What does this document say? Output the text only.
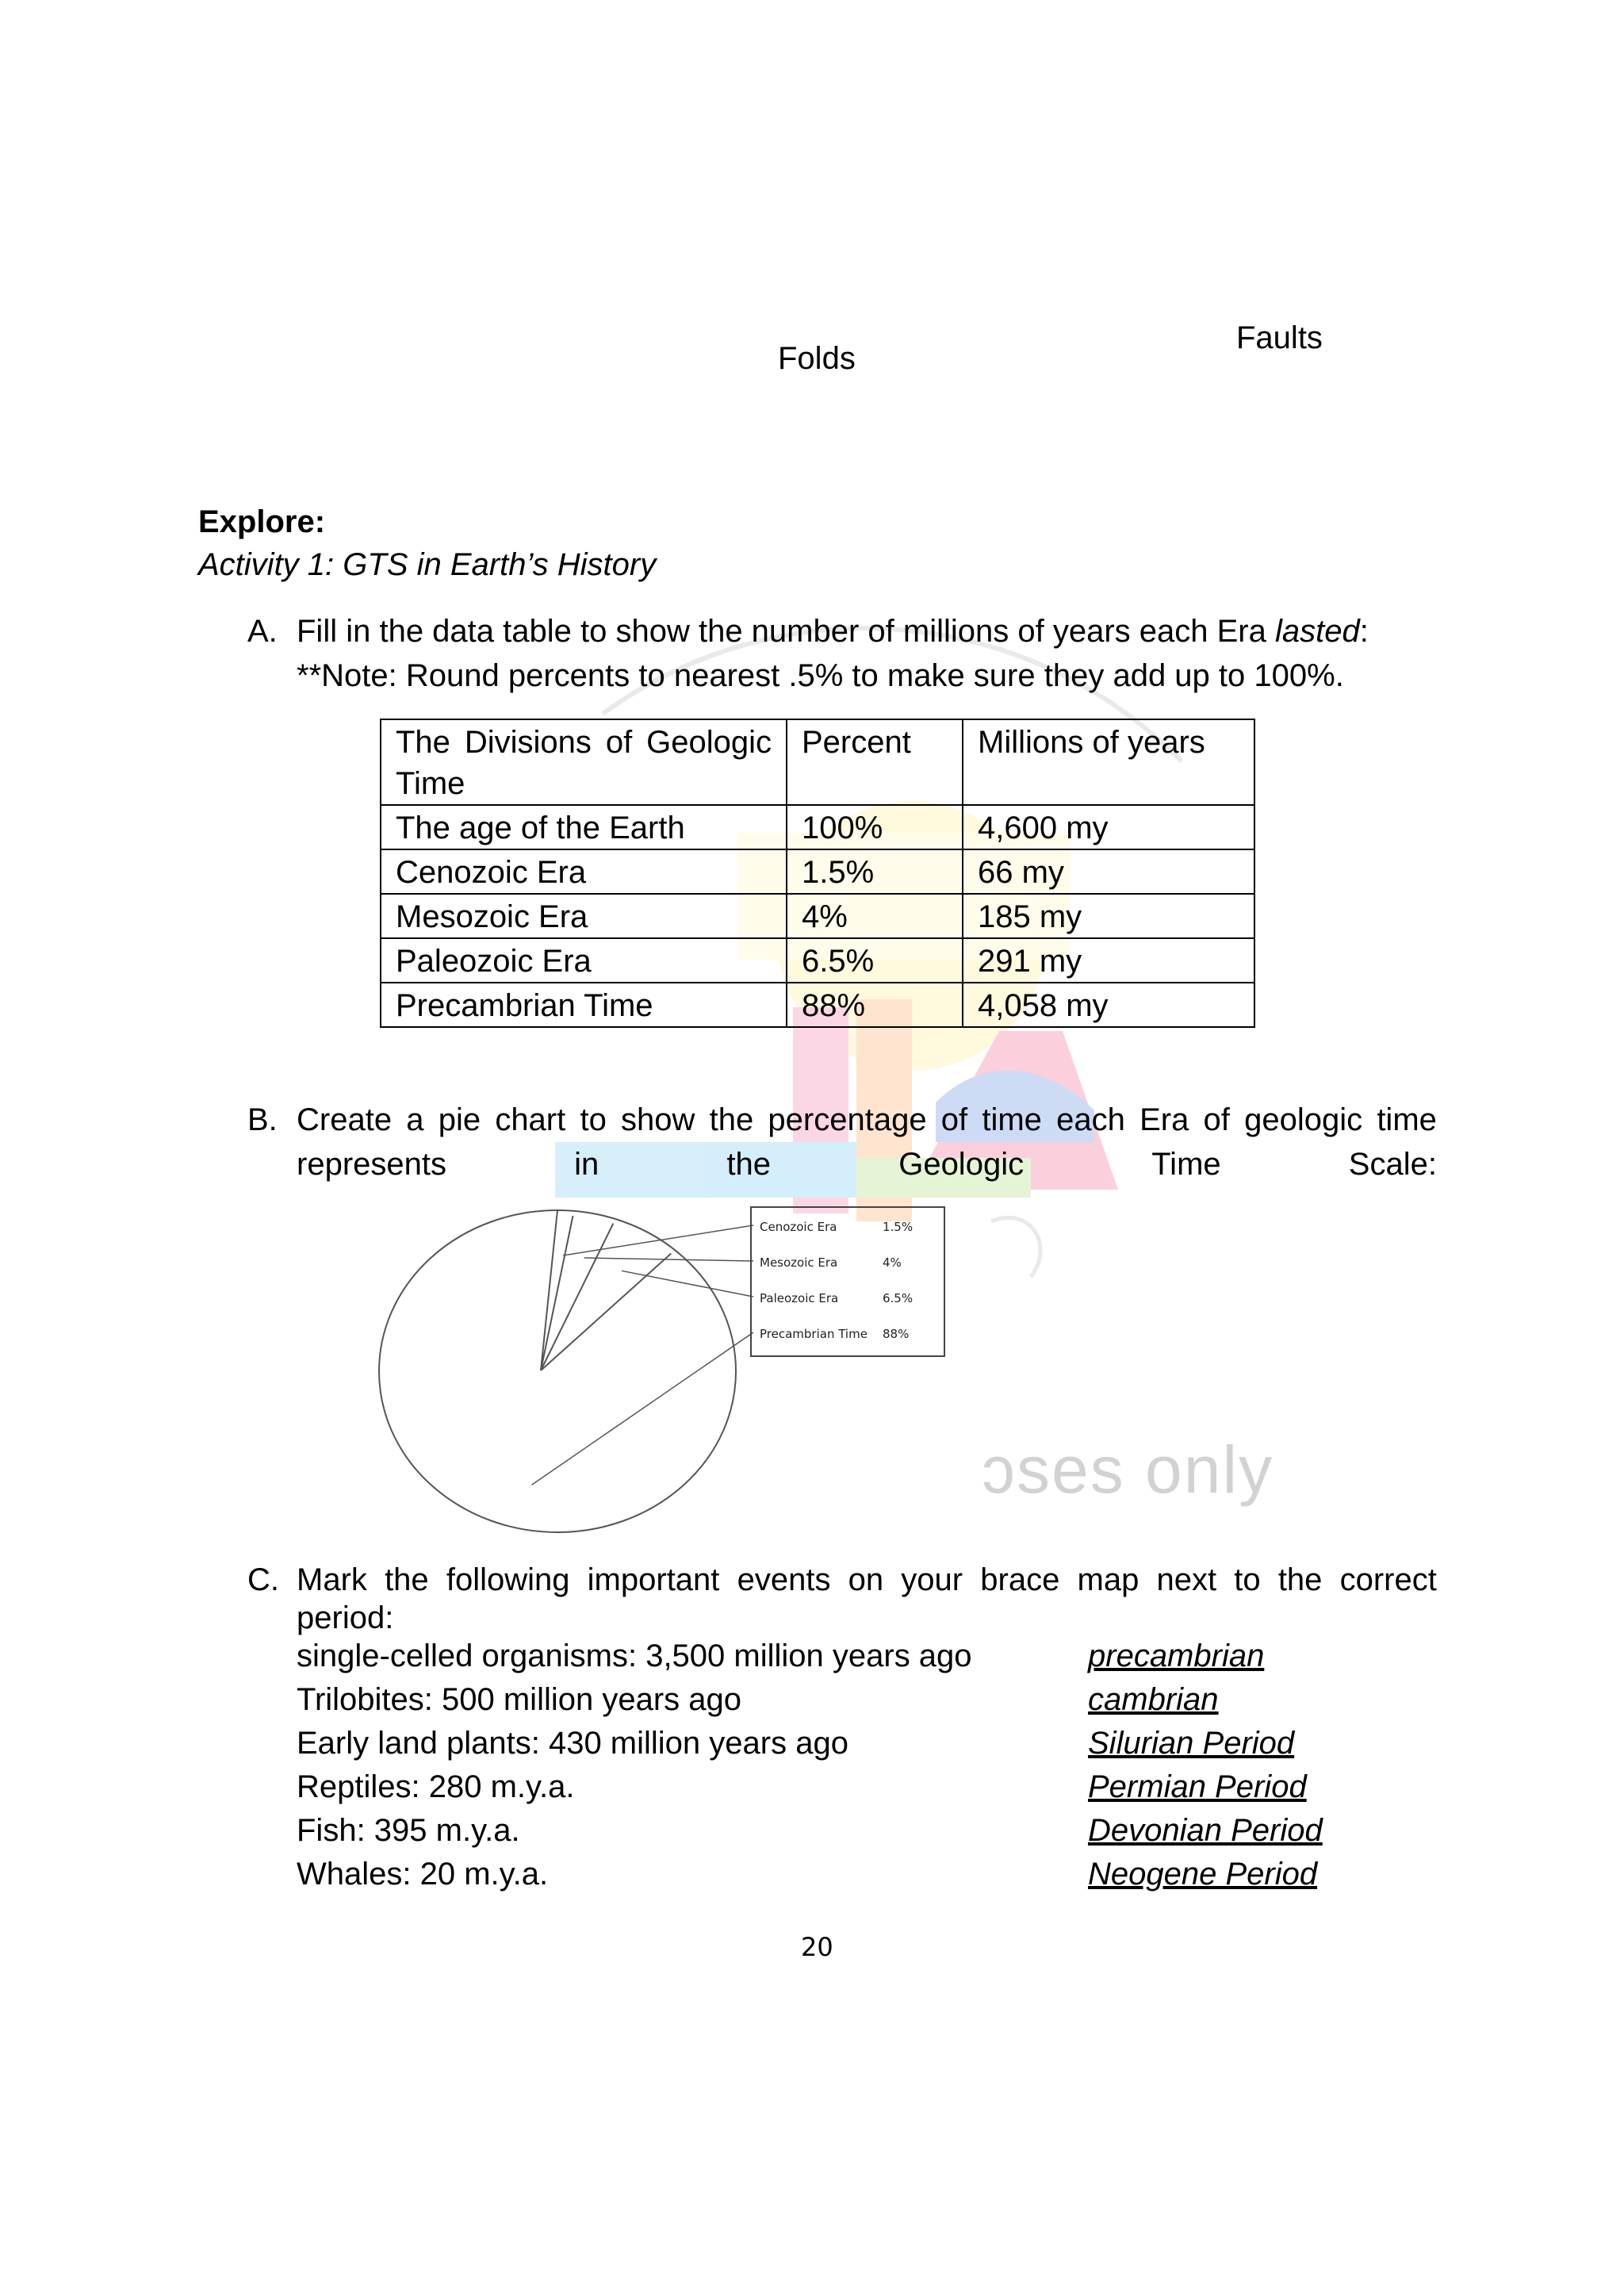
ɔses only
Folds
Faults
Explore:
Activity 1: GTS in Earth’s History
A. Fill in the data table to show the number of millions of years each Era lasted:
**Note: Round percents to nearest .5% to make sure they add up to 100%.
The Divisions of Geologic Time	Percent	Millions of years
The age of the Earth	100%	4,600 my
Cenozoic Era	1.5%	66 my
Mesozoic Era	4%	185 my
Paleozoic Era	6.5%	291 my
Precambrian Time	88%	4,058 my
B. Create a pie chart to show the percentage of time each Era of geologic time
represents	in	the	Geologic	Time	Scale:
Cenozoic Era	1.5%
Mesozoic Era	4%
Paleozoic Era	6.5%
Precambrian Time 88%
C. Mark the following important events on your brace map next to the correct
period:
single-celled organisms: 3,500 million years ago	precambrian
Trilobites: 500 million years ago	cambrian
Early land plants: 430 million years ago	Silurian Period
Reptiles: 280 m.y.a.	Permian Period
Fish: 395 m.y.a.	Devonian Period
Whales: 20 m.y.a.	Neogene Period
20
